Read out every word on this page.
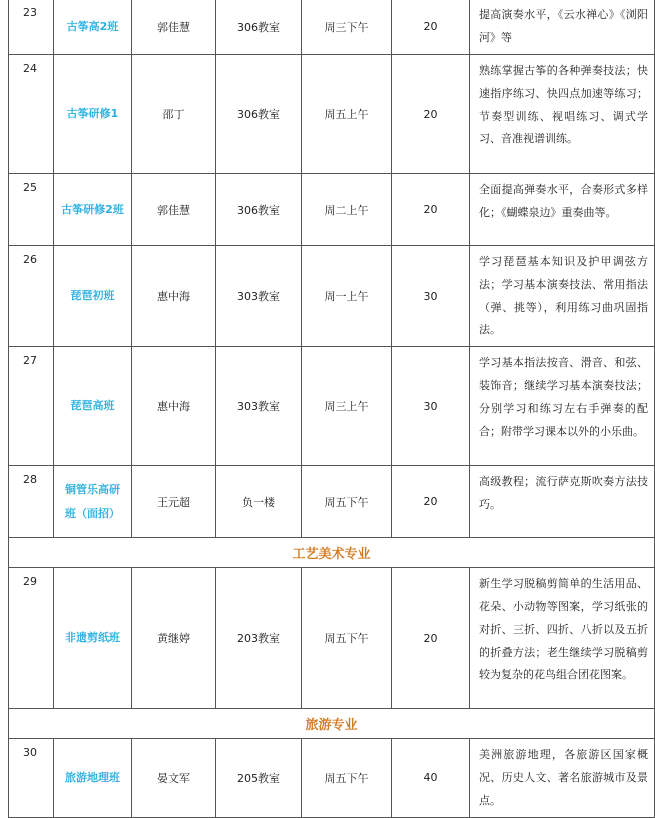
23	古筝高2班	郭佳慧	306教室	周三下午	20	提高演奏水平，《云水禅心》《浏阳河》等
24	古筝研修1	邵丁	306教室	周五上午	20	熟练掌握古筝的各种弹奏技法；快速指序练习、快四点加速等练习；节奏型训练、视唱练习、调式学习、音准视谱训练。
25	古筝研修2班	郭佳慧	306教室	周二上午	20	全面提高弹奏水平，合奏形式多样化；《蝴蝶泉边》重奏曲等。
26	琵琶初班	惠中海	303教室	周一上午	30	学习琵琶基本知识及护甲调弦方法；学习基本演奏技法、常用指法（弹、挑等），利用练习曲巩固指法。
27	琵琶高班	惠中海	303教室	周三上午	30	学习基本指法按音、滑音、和弦、装饰音；继续学习基本演奏技法；分别学习和练习左右手弹奏的配合；附带学习课本以外的小乐曲。
28	铜管乐高研班（面招）	王元超	负一楼	周五下午	20	高级教程；流行萨克斯吹奏方法技巧。
工艺美术专业						
29	非遗剪纸班	黄继婷	203教室	周五下午	20	新生学习脱稿剪简单的生活用品、花朵、小动物等图案，学习纸张的对折、三折、四折、八折以及五折的折叠方法；老生继续学习脱稿剪较为复杂的花鸟组合团花图案。
旅游专业						
30	旅游地理班	晏文军	205教室	周五下午	40	美洲旅游地理，各旅游区国家概况、历史人文、著名旅游城市及景点。
